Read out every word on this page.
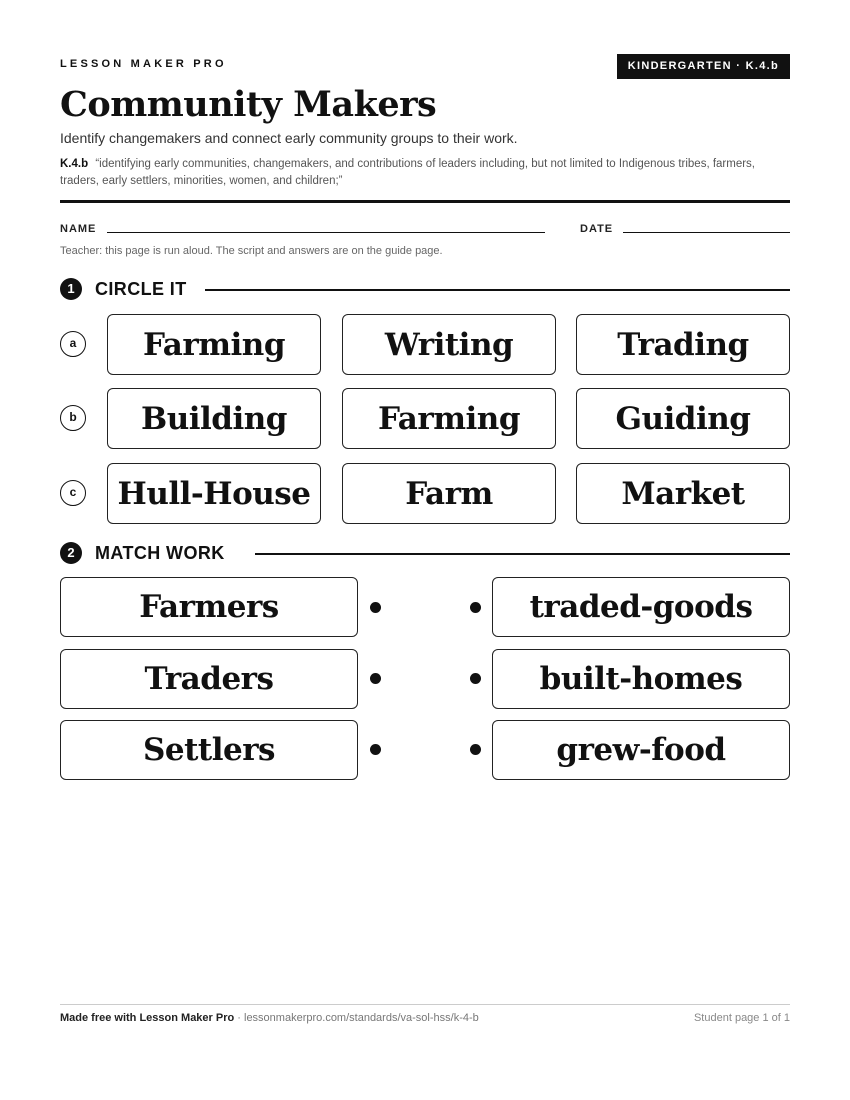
LESSON MAKER PRO	KINDERGARTEN · K.4.b
Community Makers
Identify changemakers and connect early community groups to their work.
K.4.b “identifying early communities, changemakers, and contributions of leaders including, but not limited to Indigenous tribes, farmers, traders, early settlers, minorities, women, and children;”
NAME	DATE
Teacher: this page is run aloud. The script and answers are on the guide page.
1	CIRCLE IT
a	Farming	Writing	Trading
b	Building	Farming	Guiding
c	Hull-House	Farm	Market
2	MATCH WORK
Farmers	traded-goods
Traders	built-homes
Settlers	grew-food
Made free with Lesson Maker Pro · lessonmakerpro.com/standards/va-sol-hss/k-4-b	Student page 1 of 1
